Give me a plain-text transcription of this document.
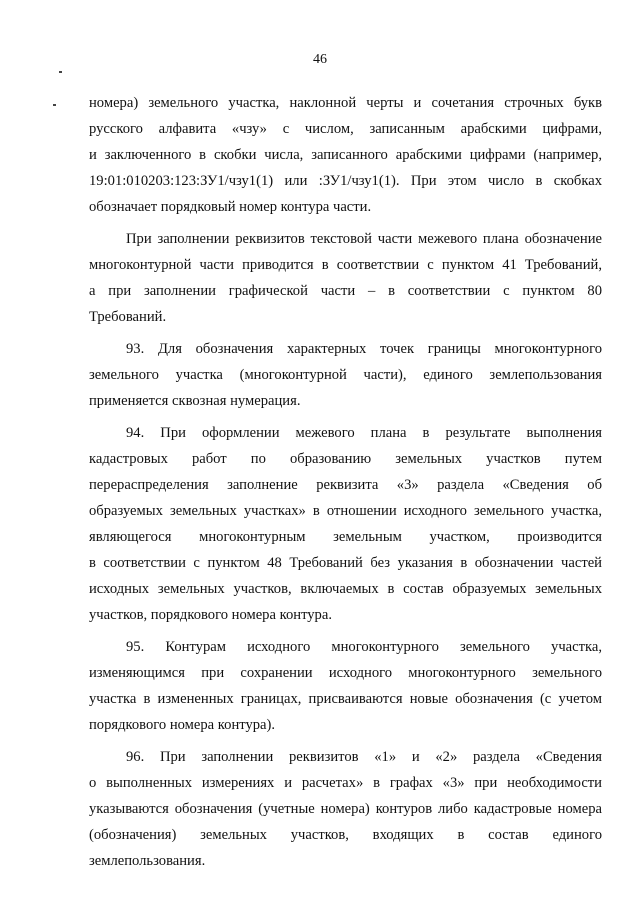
46
номера) земельного участка, наклонной черты и сочетания строчных букв
русского алфавита «чзу» с числом, записанным арабскими цифрами,
и заключенного в скобки числа, записанного арабскими цифрами (например,
19:01:010203:123:ЗУ1/чзу1(1) или :ЗУ1/чзу1(1). При этом число в скобках
обозначает порядковый номер контура части.
При заполнении реквизитов текстовой части межевого плана обозначение
многоконтурной части приводится в соответствии с пунктом 41 Требований,
а при заполнении графической части – в соответствии с пунктом 80
Требований.
93. Для обозначения характерных точек границы многоконтурного
земельного участка (многоконтурной части), единого землепользования
применяется сквозная нумерация.
94. При оформлении межевого плана в результате выполнения
кадастровых работ по образованию земельных участков путем
перераспределения заполнение реквизита «3» раздела «Сведения об
образуемых земельных участках» в отношении исходного земельного участка,
являющегося многоконтурным земельным участком, производится
в соответствии с пунктом 48 Требований без указания в обозначении частей
исходных земельных участков, включаемых в состав образуемых земельных
участков, порядкового номера контура.
95. Контурам исходного многоконтурного земельного участка,
изменяющимся при сохранении исходного многоконтурного земельного
участка в измененных границах, присваиваются новые обозначения (с учетом
порядкового номера контура).
96. При заполнении реквизитов «1» и «2» раздела «Сведения
о выполненных измерениях и расчетах» в графах «3» при необходимости
указываются обозначения (учетные номера) контуров либо кадастровые номера
(обозначения) земельных участков, входящих в состав единого
землепользования.
